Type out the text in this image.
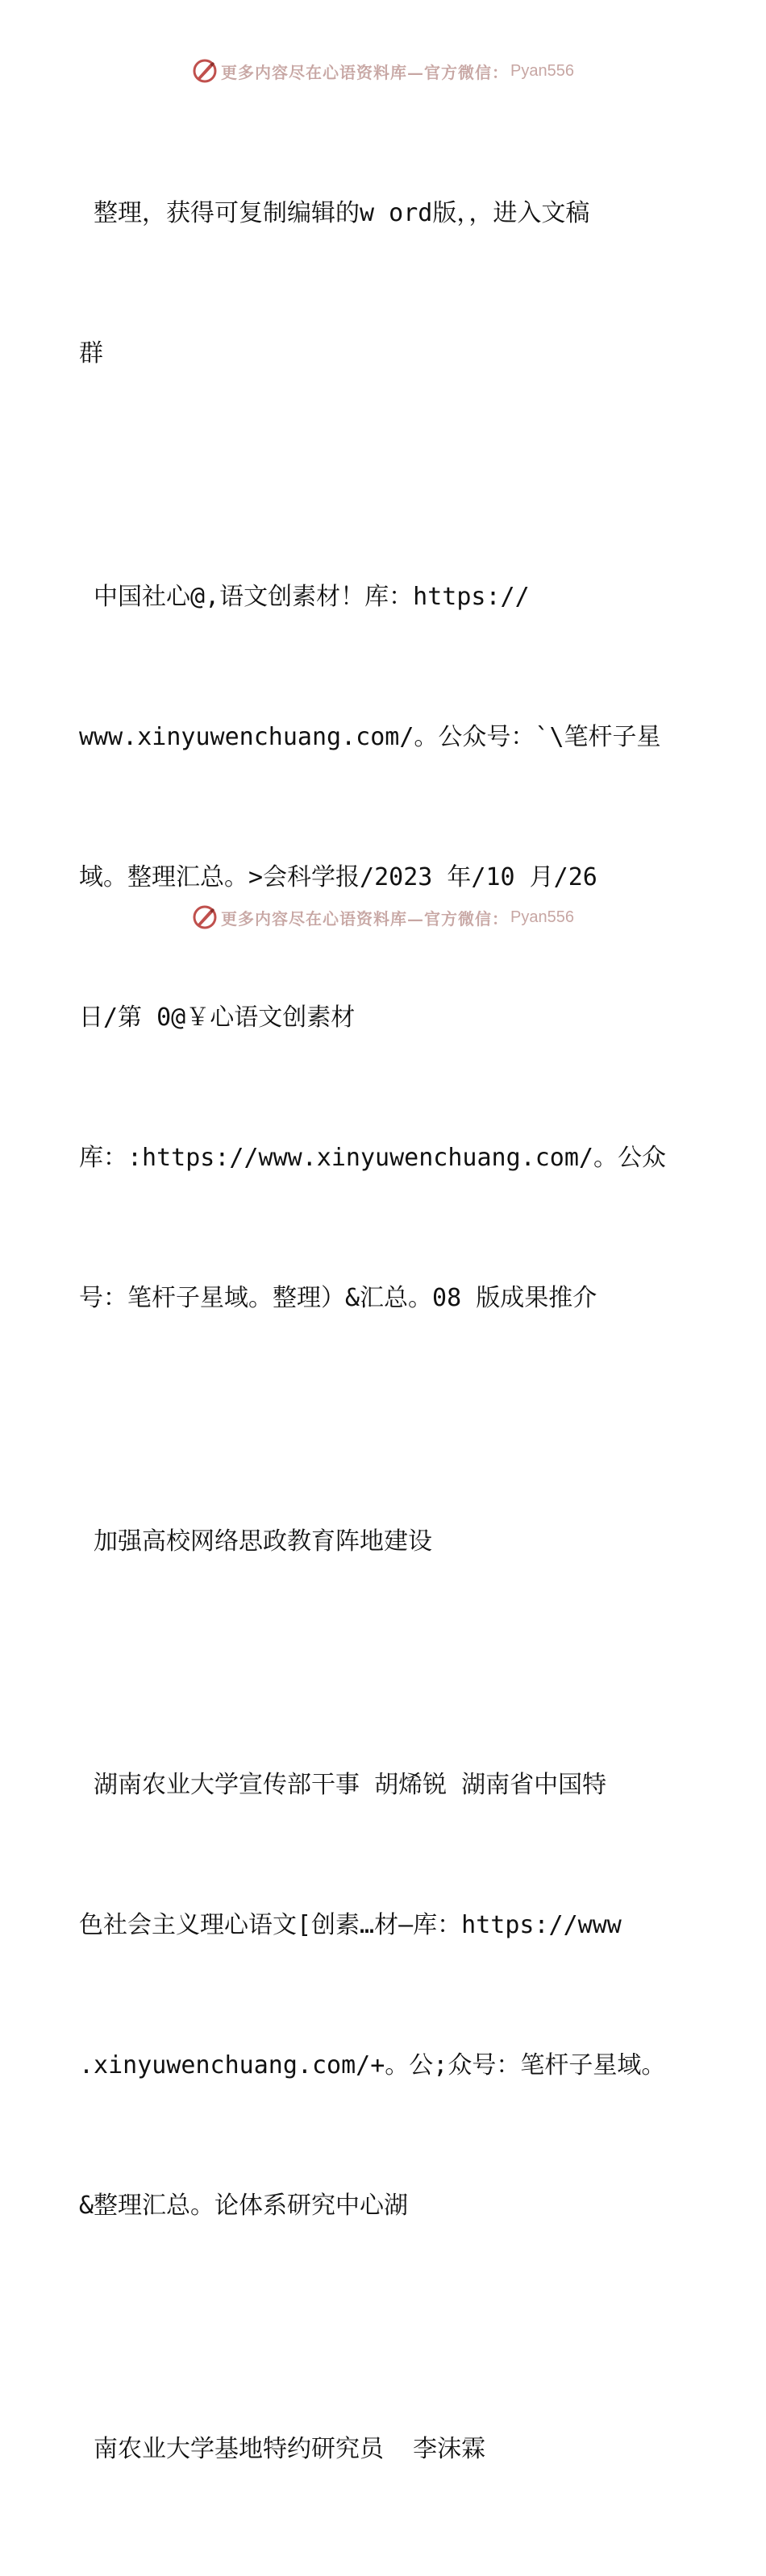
更多内容尽在心语资料库—官方微信： Pyan556

整理，获得可复制编辑的w ord版，，进入文稿

群

中国社心@,语文创素材！库：https://

www.xinyuwenchuang.com/。公众号：`\笔杆子星

域。整理汇总。>会科学报/2023 年/10 月/26

日/第 0@￥心语文创素材

库：:https://www.xinyuwenchuang.com/。公众

号：笔杆子星域。整理）&汇总。08 版成果推介

加强高校网络思政教育阵地建设

湖南农业大学宣传部干事 胡烯锐 湖南省中国特

色社会主义理心语文[创素…材—库：https://www

.xinyuwenchuang.com/+。公;众号：笔杆子星域。

&整理汇总。论体系研究中心湖

南农业大学基地特约研究员  李沫霖

更多内容尽在心语资料库—官方微信： Pyan556
